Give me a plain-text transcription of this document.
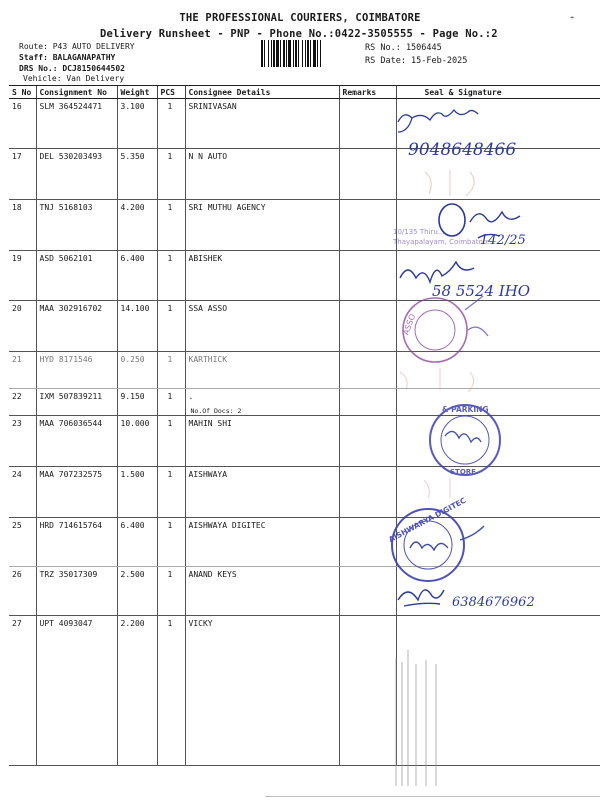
☂
THE PROFESSIONAL COURIERS, COIMBATORE
Delivery Runsheet - PNP - Phone No.:0422-3505555 - Page No.:2
Route: P43 AUTO DELIVERY
Staff: BALAGANAPATHY
DRS No.: DCJ8150644502
Vehicle: Van Delivery
RS No.: 1506445
RS Date: 15-Feb-2025
S No	Consignment No	Weight	PCS	Consignee Details	Remarks	Seal & Signature
16	SLM 364524471	3.100	1	SRINIVASAN		
17	DEL 530203493	5.350	1	N N AUTO		
18	TNJ 5168103	4.200	1	SRI MUTHU AGENCY		
19	ASD 5062101	6.400	1	ABISHEK		
20	MAA 302916702	14.100	1	SSA ASSO		
21	HYD 8171546	0.250	1	KARTHICK		
22	IXM 507839211	9.150	1	.
No.Of Docs: 2		

23	MAA 706036544	10.000	1	MAHIN SHI		
24	MAA 707232575	1.500	1	AISHWAYA		
25	HRD 714615764	6.400	1	AISHWAYA DIGITEC		
26	TRZ 35017309	2.500	1	ANAND KEYS		
27	UPT 4093047	2.200	1	VICKY		
9048648466
10/135 Thiru...
Thayapalayam, Coimbatore
142/25
58 5524 IHO
ASSO
& PARKING
STORE
AISHWARYA DIGITEC
6384676962
